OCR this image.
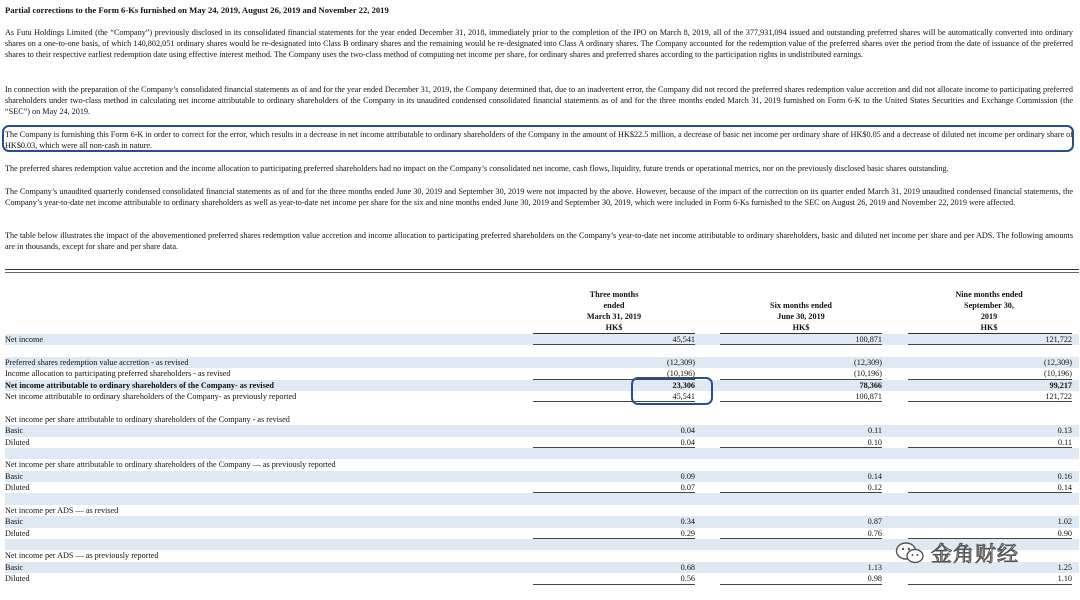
Partial corrections to the Form 6-Ks furnished on May 24, 2019, August 26, 2019 and November 22, 2019
As Futu Holdings Limited (the “Company”) previously disclosed in its consolidated financial statements for the year ended December 31, 2018, immediately prior to the completion of the IPO on March 8, 2019, all of the 377,931,094 issued and outstanding preferred shares will be automatically converted into ordinary shares on a one-to-one basis, of which 140,802,051 ordinary shares would be re-designated into Class B ordinary shares and the remaining would be re-designated into Class A ordinary shares. The Company accounted for the redemption value of the preferred shares over the period from the date of issuance of the preferred shares to their respective earliest redemption date using effective interest method. The Company uses the two-class method of computing net income per share, for ordinary shares and preferred shares according to the participation rights in undistributed earnings.
In connection with the preparation of the Company’s consolidated financial statements as of and for the year ended December 31, 2019, the Company determined that, due to an inadvertent error, the Company did not record the preferred shares redemption value accretion and did not allocate income to participating preferred shareholders under two-class method in calculating net income attributable to ordinary shareholders of the Company in its unaudited condensed consolidated financial statements as of and for the three months ended March 31, 2019 furnished on Form 6-K to the United States Securities and Exchange Commission (the “SEC”) on May 24, 2019.
The Company is furnishing this Form 6-K in order to correct for the error, which results in a decrease in net income attributable to ordinary shareholders of the Company in the amount of HK$22.5 million, a decrease of basic net income per ordinary share of HK$0.05 and a decrease of diluted net income per ordinary share of HK$0.03, which were all non-cash in nature.
The preferred shares redemption value accretion and the income allocation to participating preferred shareholders had no impact on the Company’s consolidated net income, cash flows, liquidity, future trends or operational metrics, nor on the previously disclosed basic shares outstanding.
The Company’s unaudited quarterly condensed consolidated financial statements as of and for the three months ended June 30, 2019 and September 30, 2019 were not impacted by the above. However, because of the impact of the correction on its quarter ended March 31, 2019 unaudited condensed financial statements, the Company’s year-to-date net income attributable to ordinary shareholders as well as year-to-date net income per share for the six and nine months ended June 30, 2019 and September 30, 2019, which were included in Form 6-Ks furnished to the SEC on August 26, 2019 and November 22, 2019 were affected.
The table below illustrates the impact of the abovementioned preferred shares redemption value accretion and income allocation to participating preferred shareholders on the Company’s year-to-date net income attributable to ordinary shareholders, basic and diluted net income per share and per ADS. The following amounts are in thousands, except for share and per share data.
Three months
ended
March 31, 2019
HK$
Six months ended
June 30, 2019
HK$
Nine months ended
September 30,
2019
HK$
Net income	45,541	100,871	121,722
Preferred shares redemption value accretion - as revised	(12,309)	(12,309)	(12,309)
Income allocation to participating preferred shareholders - as revised	(10,196)	(10,196)	(10,196)
Net income attributable to ordinary shareholders of the Company- as revised	23,306	78,366	99,217
Net income attributable to ordinary shareholders of the Company- as previously reported	45,541	100,871	121,722
Net income per share attributable to ordinary shareholders of the Company - as revised
Basic	0.04	0.11	0.13
Diluted	0.04	0.10	0.11
Net income per share attributable to ordinary shareholders of the Company — as previously reported
Basic	0.09	0.14	0.16
Diluted	0.07	0.12	0.14
Net income per ADS — as revised
Basic	0.34	0.87	1.02
Diluted	0.29	0.76	0.90
Net income per ADS — as previously reported
Basic	0.68	1.13	1.25
Diluted	0.56	0.98	1.10
金角财经
